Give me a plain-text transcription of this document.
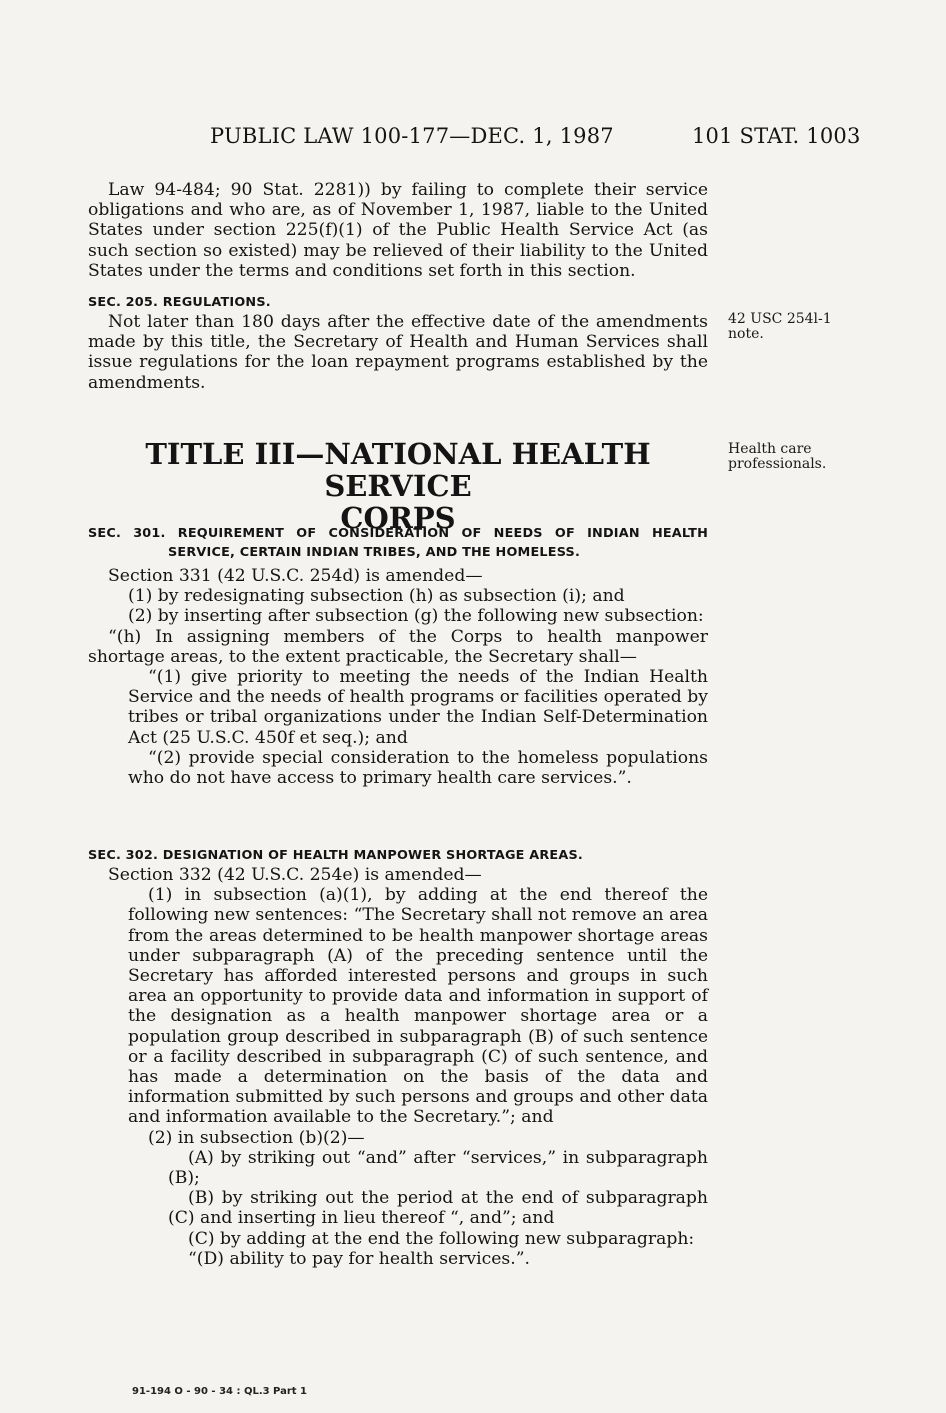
PUBLIC LAW 100-177—DEC. 1, 1987	101 STAT. 1003

Law 94-484; 90 Stat. 2281)) by failing to complete their service obligations and who are, as of November 1, 1987, liable to the United States under section 225(f)(1) of the Public Health Service Act (as such section so existed) may be relieved of their liability to the United States under the terms and conditions set forth in this section.

SEC. 205. REGULATIONS.

Not later than 180 days after the effective date of the amendments made by this title, the Secretary of Health and Human Services shall issue regulations for the loan repayment programs established by the amendments.

42 USC 254l-1 note.
TITLE III—NATIONAL HEALTH SERVICE
CORPS
Health care professionals.

SEC. 301. REQUIREMENT OF CONSIDERATION OF NEEDS OF INDIAN HEALTH SERVICE, CERTAIN INDIAN TRIBES, AND THE HOMELESS.

Section 331 (42 U.S.C. 254d) is amended—

(1) by redesignating subsection (h) as subsection (i); and

(2) by inserting after subsection (g) the following new subsection:

“(h) In assigning members of the Corps to health manpower shortage areas, to the extent practicable, the Secretary shall—

“(1) give priority to meeting the needs of the Indian Health Service and the needs of health programs or facilities operated by tribes or tribal organizations under the Indian Self-Determination Act (25 U.S.C. 450f et seq.); and

“(2) provide special consideration to the homeless populations who do not have access to primary health care services.”.

SEC. 302. DESIGNATION OF HEALTH MANPOWER SHORTAGE AREAS.

Section 332 (42 U.S.C. 254e) is amended—

(1) in subsection (a)(1), by adding at the end thereof the following new sentences: “The Secretary shall not remove an area from the areas determined to be health manpower shortage areas under subparagraph (A) of the preceding sentence until the Secretary has afforded interested persons and groups in such area an opportunity to provide data and information in support of the designation as a health manpower shortage area or a population group described in subparagraph (B) of such sentence or a facility described in subparagraph (C) of such sentence, and has made a determination on the basis of the data and information submitted by such persons and groups and other data and information available to the Secretary.”; and

(2) in subsection (b)(2)—

(A) by striking out “and” after “services,” in subparagraph (B);

(B) by striking out the period at the end of subparagraph (C) and inserting in lieu thereof “, and”; and

(C) by adding at the end the following new subparagraph:

“(D) ability to pay for health services.”.

91-194 O - 90 - 34 : QL.3 Part 1
